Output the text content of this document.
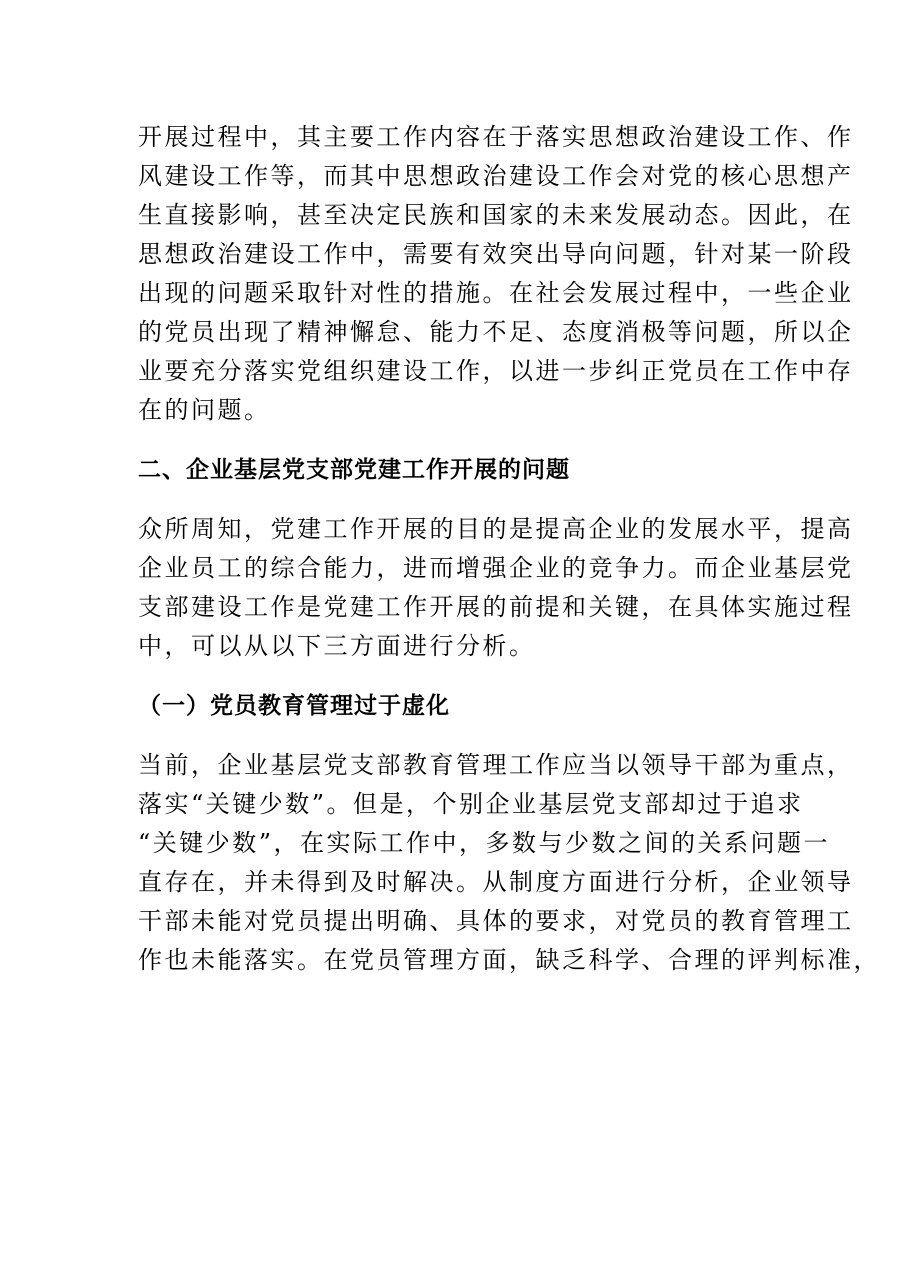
开展过程中，其主要工作内容在于落实思想政治建设工作、作
风建设工作等，而其中思想政治建设工作会对党的核心思想产
生直接影响，甚至决定民族和国家的未来发展动态。因此，在
思想政治建设工作中，需要有效突出导向问题，针对某一阶段
出现的问题采取针对性的措施。在社会发展过程中，一些企业
的党员出现了精神懈怠、能力不足、态度消极等问题，所以企
业要充分落实党组织建设工作，以进一步纠正党员在工作中存
在的问题。
二、企业基层党支部党建工作开展的问题
众所周知，党建工作开展的目的是提高企业的发展水平，提高
企业员工的综合能力，进而增强企业的竞争力。而企业基层党
支部建设工作是党建工作开展的前提和关键，在具体实施过程
中，可以从以下三方面进行分析。
（一）党员教育管理过于虚化
当前，企业基层党支部教育管理工作应当以领导干部为重点，
落实“关键少数”。但是，个别企业基层党支部却过于追求
“关键少数”，在实际工作中，多数与少数之间的关系问题一
直存在，并未得到及时解决。从制度方面进行分析，企业领导
干部未能对党员提出明确、具体的要求，对党员的教育管理工
作也未能落实。在党员管理方面，缺乏科学、合理的评判标准，
